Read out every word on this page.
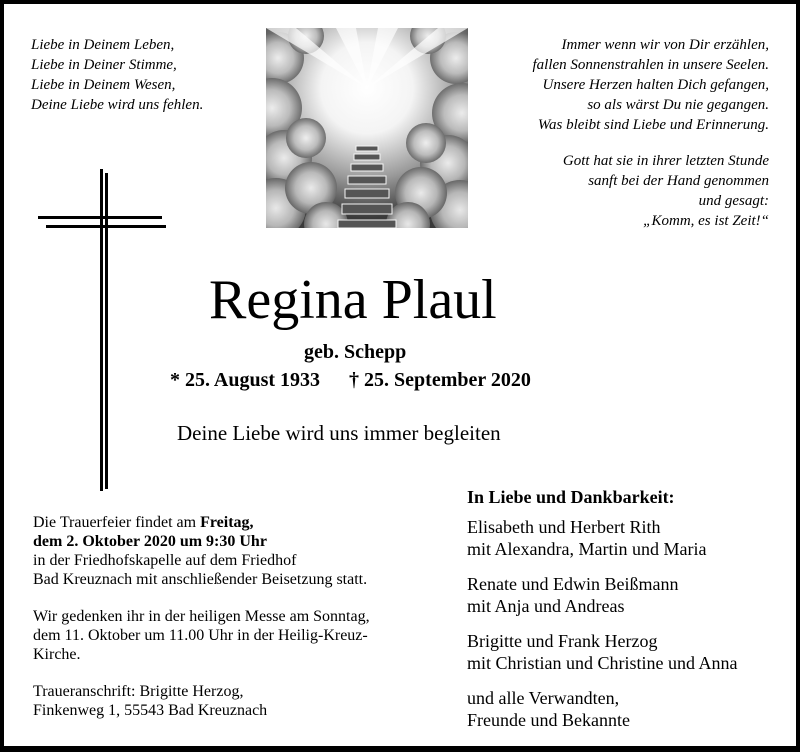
Liebe in Deinem Leben,
Liebe in Deiner Stimme,
Liebe in Deinem Wesen,
Deine Liebe wird uns fehlen.
Immer wenn wir von Dir erzählen,
fallen Sonnenstrahlen in unsere Seelen.
Unsere Herzen halten Dich gefangen,
so als wärst Du nie gegangen.
Was bleibt sind Liebe und Erinnerung.
Gott hat sie in ihrer letzten Stunde
sanft bei der Hand genommen
und gesagt:
„Komm, es ist Zeit!“
Regina Plaul
geb. Schepp
* 25. August 1933 † 25. September 2020
Deine Liebe wird uns immer begleiten

Die Trauerfeier findet am Freitag,
dem 2. Oktober 2020 um 9:30 Uhr
in der Friedhofskapelle auf dem Friedhof
Bad Kreuznach mit anschließender Beisetzung statt.

Wir gedenken ihr in der heiligen Messe am Sonntag,
dem 11. Oktober um 11.00 Uhr in der Heilig-Kreuz-
Kirche.

Traueranschrift: Brigitte Herzog,
Finkenweg 1, 55543 Bad Kreuznach

In Liebe und Dankbarkeit:
Elisabeth und Herbert Rith
mit Alexandra, Martin und Maria
Renate und Edwin Beißmann
mit Anja und Andreas
Brigitte und Frank Herzog
mit Christian und Christine und Anna
und alle Verwandten,
Freunde und Bekannte
